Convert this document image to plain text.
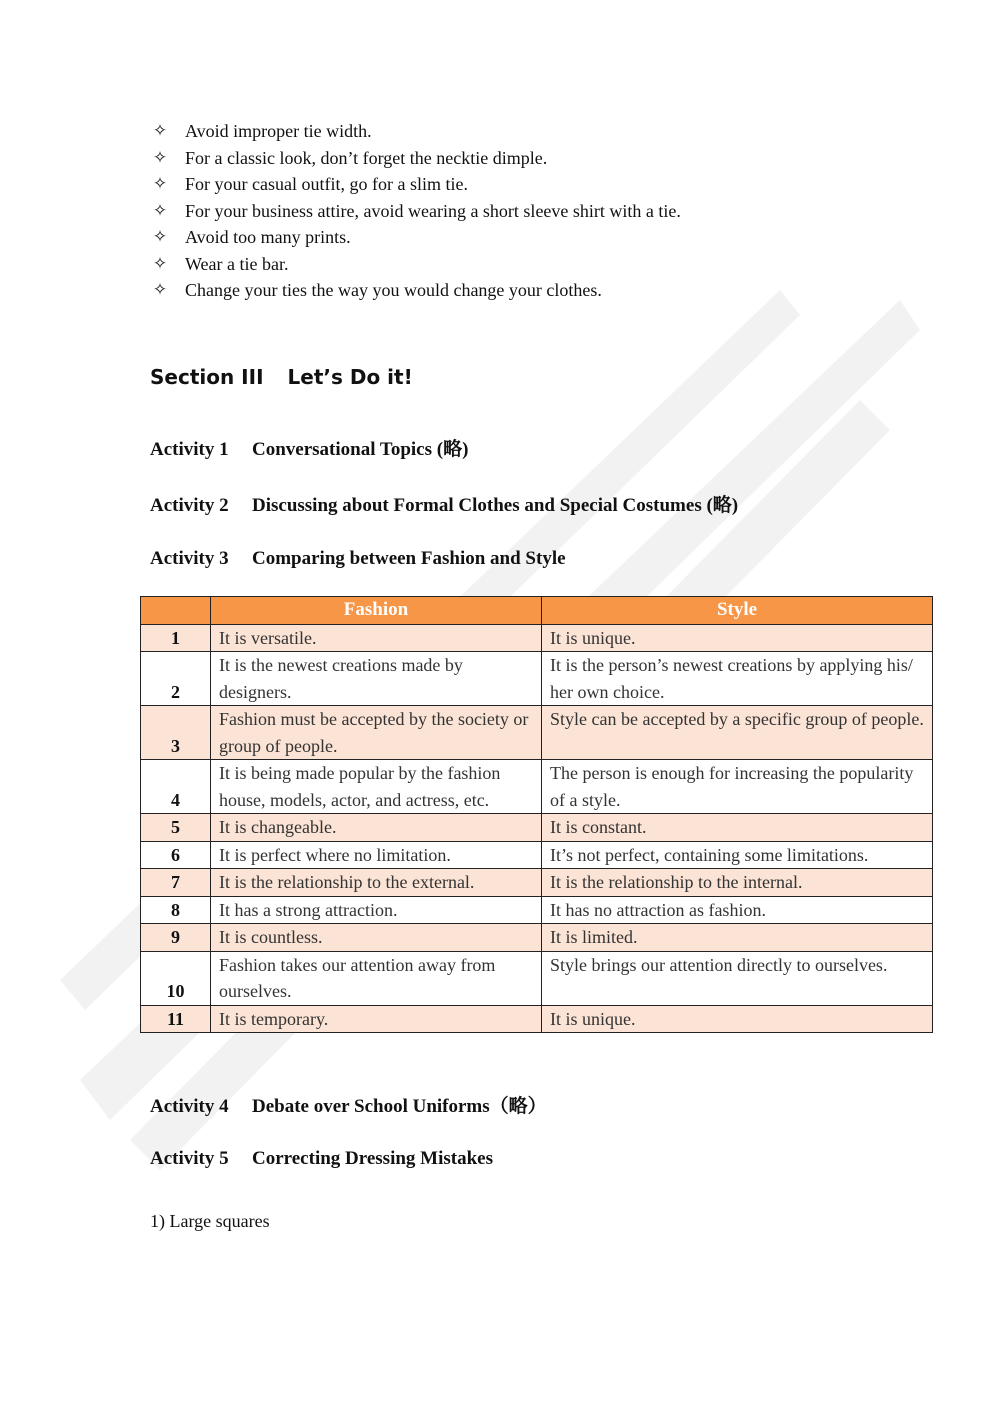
✧ Avoid improper tie width.
✧ For a classic look, don’t forget the necktie dimple.
✧ For your casual outfit, go for a slim tie.
✧ For your business attire, avoid wearing a short sleeve shirt with a tie.
✧ Avoid too many prints.
✧ Wear a tie bar.
✧ Change your ties the way you would change your clothes.
Section III Let’s Do it!
Activity 1 Conversational Topics (略)
Activity 2 Discussing about Formal Clothes and Special Costumes (略)
Activity 3 Comparing between Fashion and Style
	Fashion	Style
1	It is versatile.	It is unique.
2	It is the newest creations made by designers.	It is the person’s newest creations by applying his/ her own choice.
3	Fashion must be accepted by the society or group of people.	Style can be accepted by a specific group of people.
4	It is being made popular by the fashion house, models, actor, and actress, etc.	The person is enough for increasing the popularity of a style.
5	It is changeable.	It is constant.
6	It is perfect where no limitation.	It’s not perfect, containing some limitations.
7	It is the relationship to the external.	It is the relationship to the internal.
8	It has a strong attraction.	It has no attraction as fashion.
9	It is countless.	It is limited.
10	Fashion takes our attention away from ourselves.	Style brings our attention directly to ourselves.
11	It is temporary.	It is unique.
Activity 4 Debate over School Uniforms（略）
Activity 5 Correcting Dressing Mistakes
1) Large squares
